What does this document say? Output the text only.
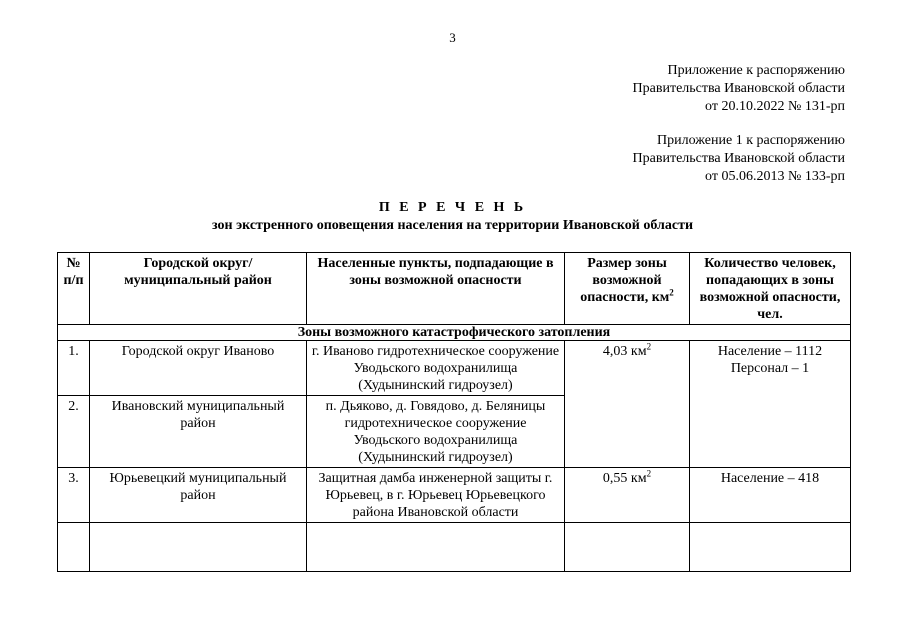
3
Приложение к распоряжению
Правительства Ивановской области
от 20.10.2022 № 131-рп
Приложение 1 к распоряжению
Правительства Ивановской области
от 05.06.2013 № 133-рп
П Е Р Е Ч Е Н Ь
зон экстренного оповещения населения на территории Ивановской области
№ п/п	Городской округ/муниципальный район	Населенные пункты, подпадающие в зоны возможной опасности	Размер зоны возможной опасности, $км^2$	Количество человек, попадающих в зоны возможной опасности, чел.
Зоны возможного катастрофического затопления				
1.	Городской округ Иваново	г. Иваново гидротехническое сооружение Уводьского водохранилища (Худынинский гидроузел)	4,03 $км^2$	Население – 1112
Персонал – 1

2.	Ивановский муниципальный район	п. Дьяково, д. Говядово, д. Беляницы гидротехническое сооружение Уводьского водохранилища (Худынинский гидроузел)		
3.	Юрьевецкий муниципальный район	Защитная дамба инженерной защиты г. Юрьевец, в г. Юрьевец Юрьевецкого района Ивановской области	0,55 $км^2$	Население – 418
